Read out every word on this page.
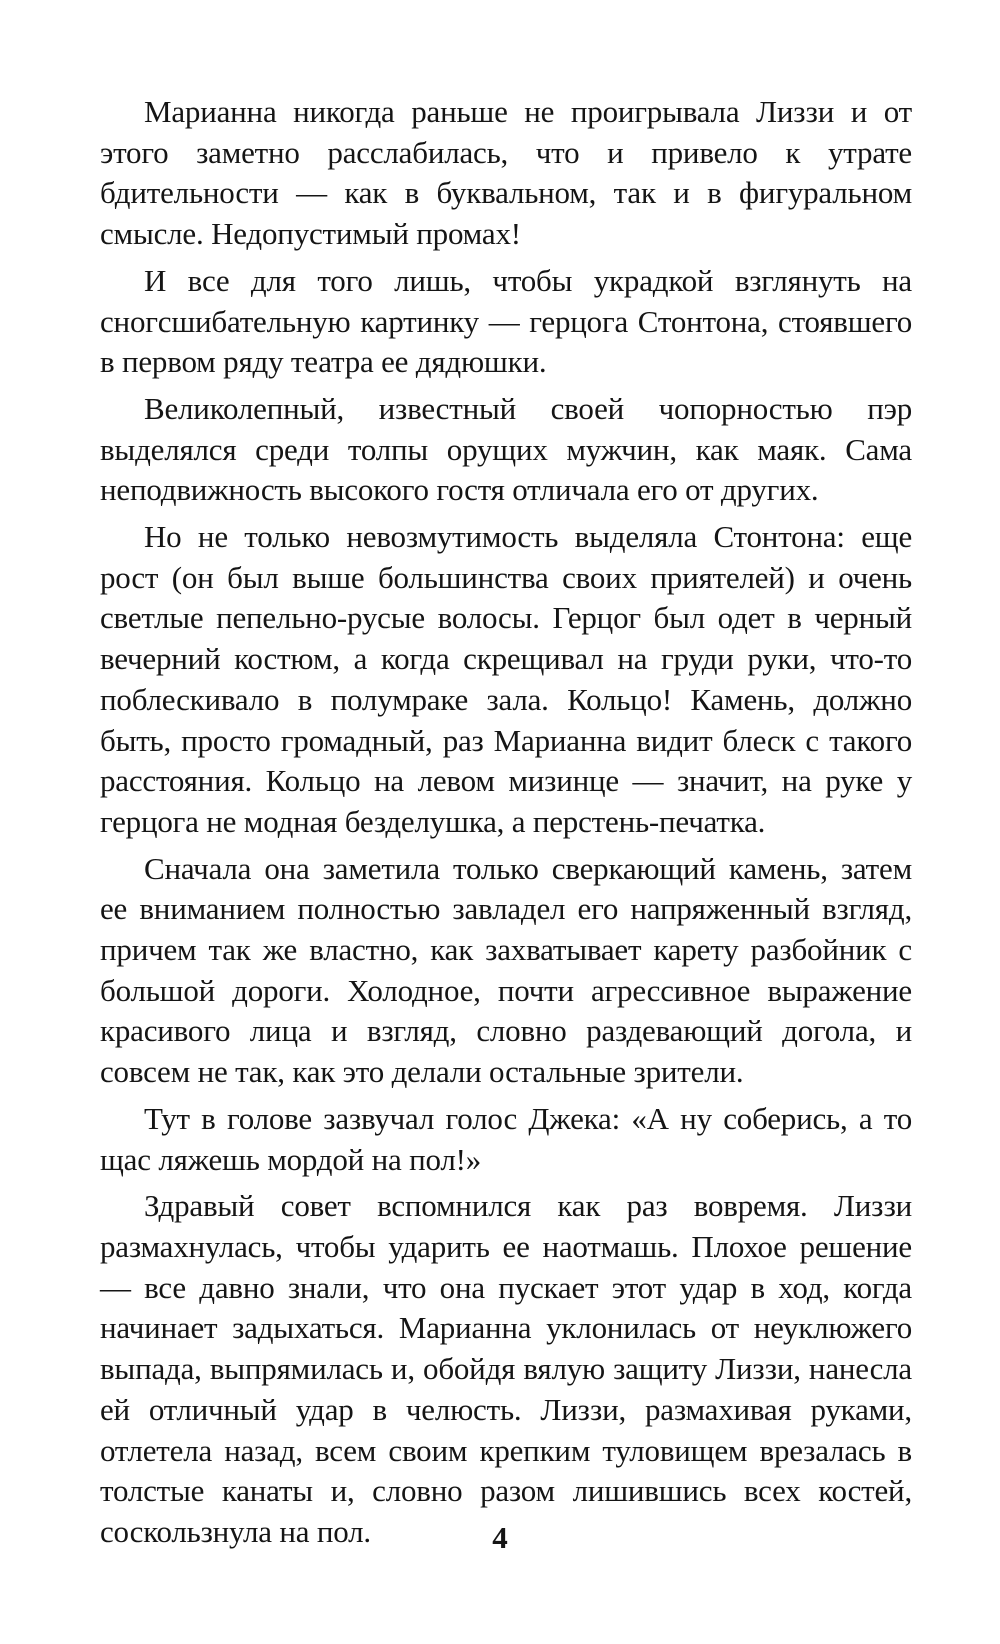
Марианна никогда раньше не проигрывала Лиззи и от этого заметно расслабилась, что и привело к утрате бдительности — как в буквальном, так и в фигуральном смысле. Недопустимый промах!

И все для того лишь, чтобы украдкой взглянуть на сногсшибательную картинку — герцога Стонтона, стоявшего в первом ряду театра ее дядюшки.

Великолепный, известный своей чопорностью пэр выделялся среди толпы орущих мужчин, как маяк. Сама неподвижность высокого гостя отличала его от других.

Но не только невозмутимость выделяла Стонтона: еще рост (он был выше большинства своих приятелей) и очень светлые пепельно-русые волосы. Герцог был одет в черный вечерний костюм, а когда скрещивал на груди руки, что-то поблескивало в полумраке зала. Кольцо! Камень, должно быть, просто громадный, раз Марианна видит блеск с такого расстояния. Кольцо на левом мизинце — значит, на руке у герцога не модная безделушка, а перстень-печатка.

Сначала она заметила только сверкающий камень, затем ее вниманием полностью завладел его напряженный взгляд, причем так же властно, как захватывает карету разбойник с большой дороги. Холодное, почти агрессивное выражение красивого лица и взгляд, словно раздевающий догола, и совсем не так, как это делали остальные зрители.

Тут в голове зазвучал голос Джека: «А ну соберись, а то щас ляжешь мордой на пол!»

Здравый совет вспомнился как раз вовремя. Лиззи размахнулась, чтобы ударить ее наотмашь. Плохое решение — все давно знали, что она пускает этот удар в ход, когда начинает задыхаться. Марианна уклонилась от неуклюжего выпада, выпрямилась и, обойдя вялую защиту Лиззи, нанесла ей отличный удар в челюсть. Лиззи, размахивая руками, отлетела назад, всем своим крепким туловищем врезалась в толстые канаты и, словно разом лишившись всех костей, соскользнула на пол.	4
